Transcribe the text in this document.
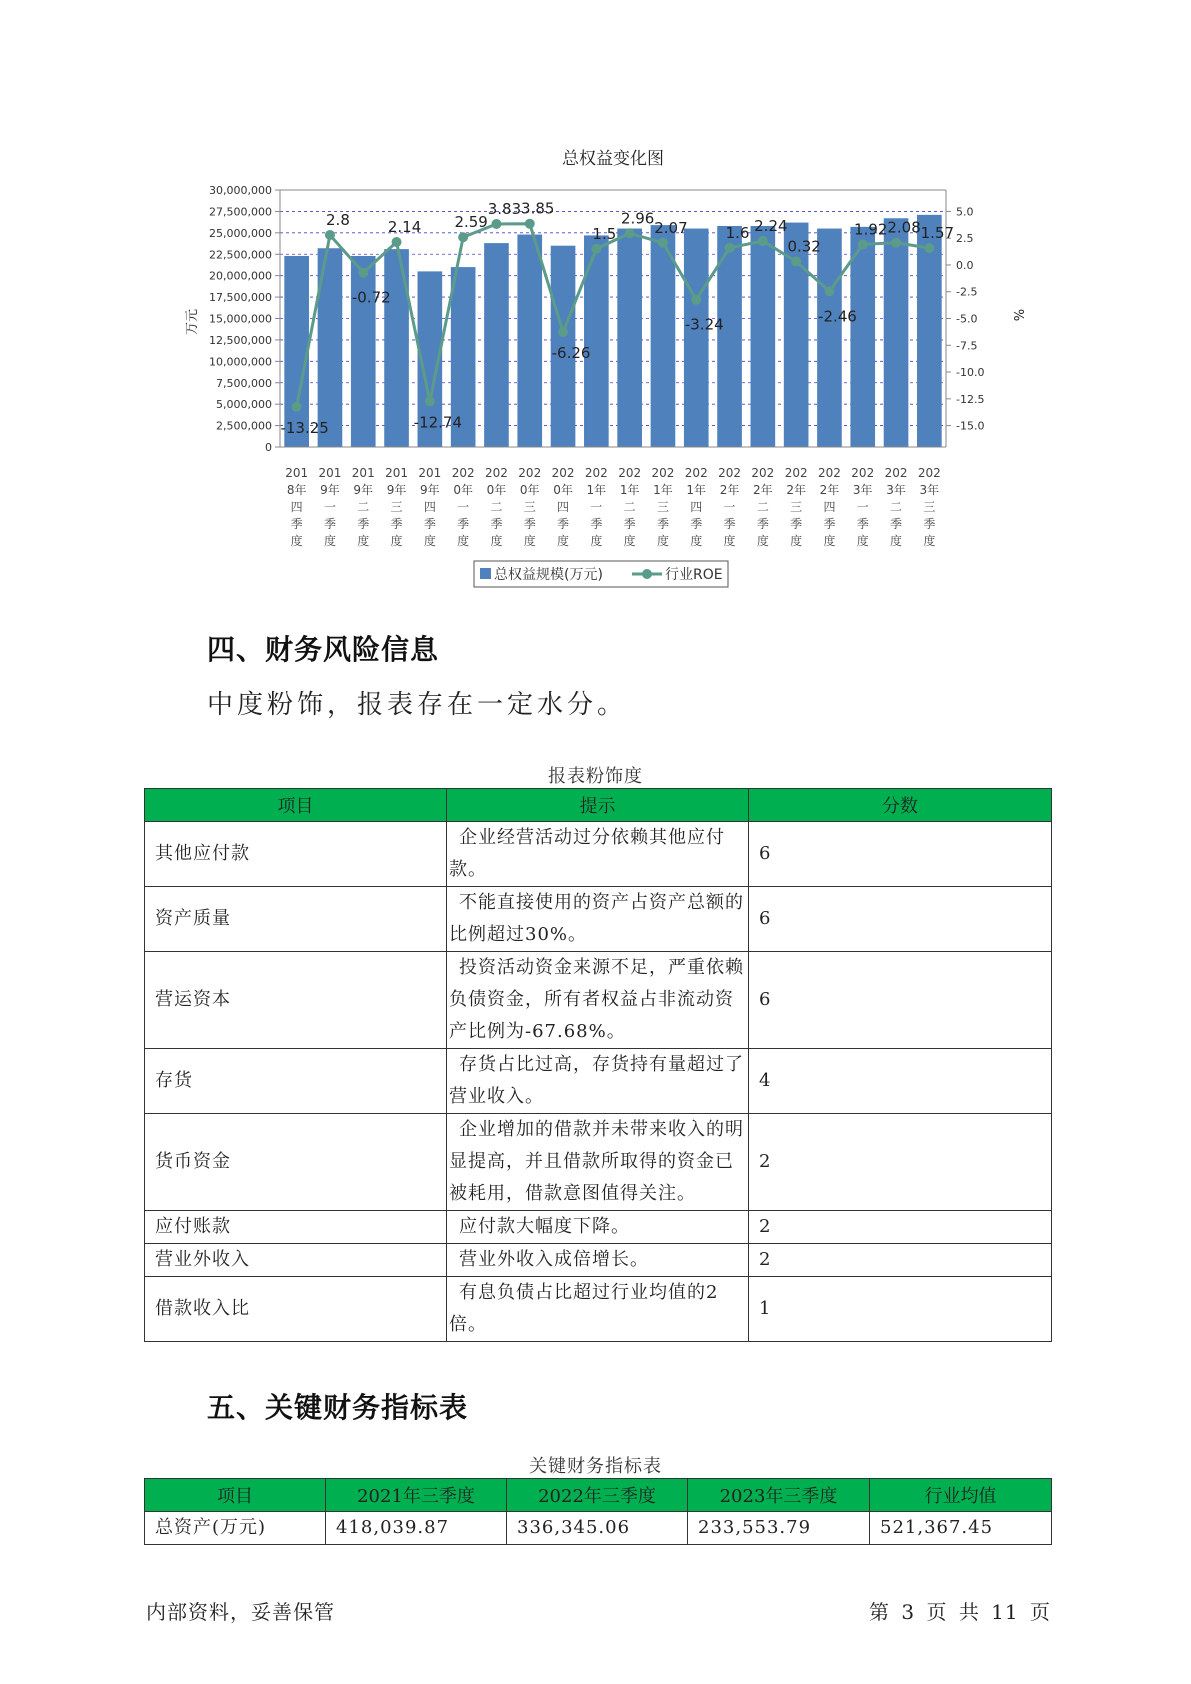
总权益变化图
30,000,000
27,500,000
25,000,000
22,500,000
20,000,000
17,500,000
15,000,000
12,500,000
10,000,000
7,500,000
5,000,000
2,500,000
0
5.0
2.5
0.0
-2.5
-5.0
-7.5
-10.0
-12.5
-15.0
-13.25
2.8
-0.72
2.14
-12.74
2.59
3.83 3.85
-6.26
1.5
2.96
2.07
-3.24
1.6 2.24
0.32
-2.46
1.92 2.08 1.57
201
8年
四
季
度
201
9年
一
季
度
201
9年
二
季
度
201
9年
三
季
度
201
9年
四
季
度
202
0年
一
季
度
202
0年
二
季
度
202
0年
三
季
度
202
0年
四
季
度
202
1年
一
季
度
202
1年
二
季
度
202
1年
三
季
度
202
1年
四
季
度
202
2年
一
季
度
202
2年
二
季
度
202
2年
三
季
度
202
2年
四
季
度
202
3年
一
季
度
202
3年
二
季
度
202
3年
三
季
度
万元	%
总权益规模(万元)	行业ROE
四、财务风险信息
中度粉饰，报表存在一定水分。
报表粉饰度
项目	提示	分数
其他应付款	企业经营活动过分依赖其他应付款。	6
资产质量	不能直接使用的资产占资产总额的比例超过30%。	6
营运资本	投资活动资金来源不足，严重依赖负债资金，所有者权益占非流动资产比例为-67.68%。	6
存货	存货占比过高，存货持有量超过了营业收入。	4
货币资金	企业增加的借款并未带来收入的明显提高，并且借款所取得的资金已被耗用，借款意图值得关注。	2
应付账款	应付款大幅度下降。	2
营业外收入	营业外收入成倍增长。	2
借款收入比	有息负债占比超过行业均值的2倍。	1
五、关键财务指标表
关键财务指标表
项目	2021年三季度	2022年三季度	2023年三季度	行业均值
总资产(万元)	418,039.87	336,345.06	233,553.79	521,367.45
内部资料，妥善保管	第 3 页 共 11 页
